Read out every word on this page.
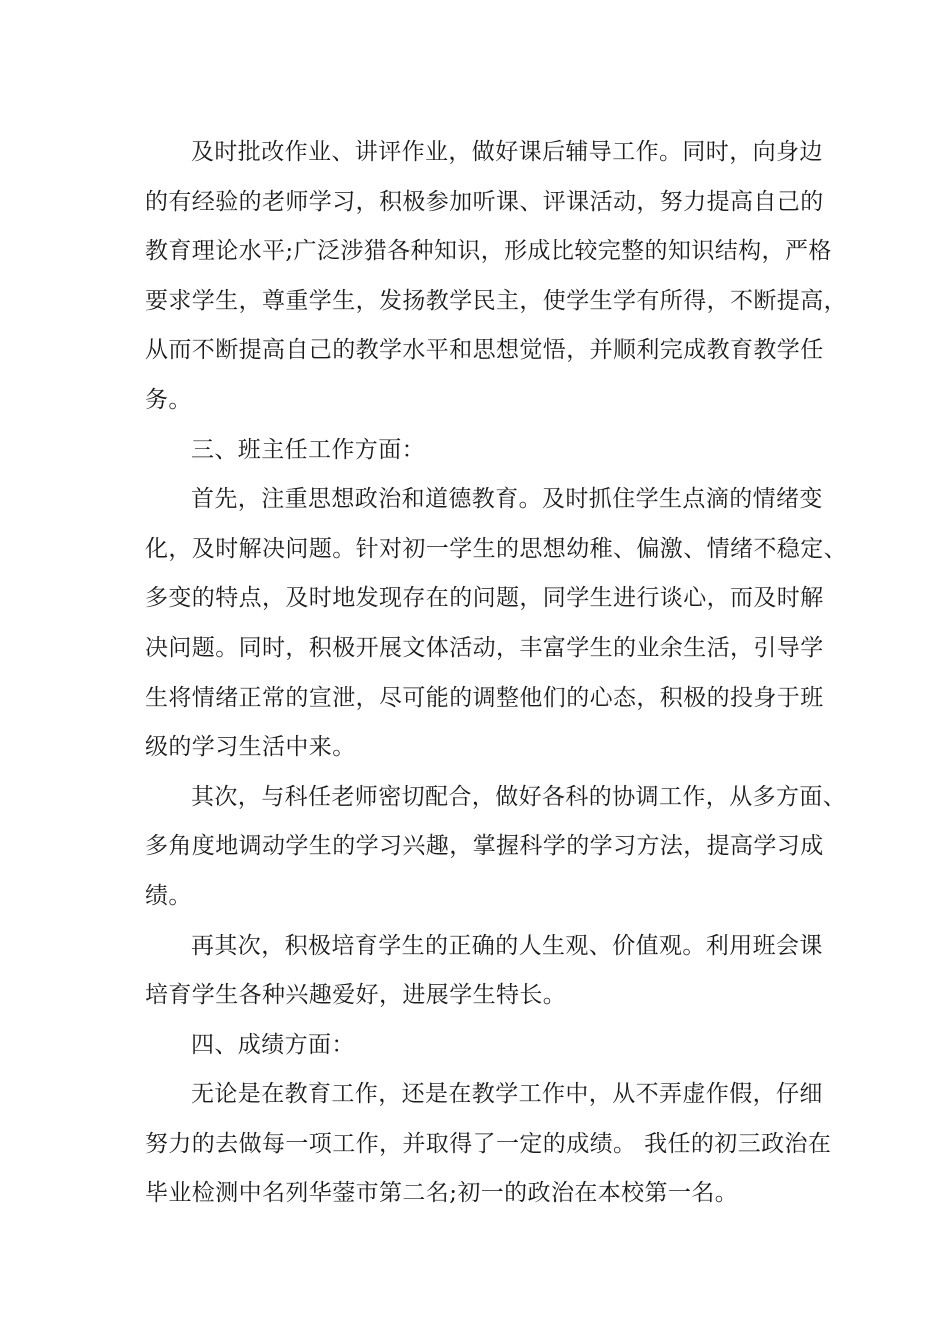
及时批改作业、讲评作业，做好课后辅导工作。同时，向身边
的有经验的老师学习，积极参加听课、评课活动，努力提高自己的
教育理论水平;广泛涉猎各种知识，形成比较完整的知识结构，严格
要求学生，尊重学生，发扬教学民主，使学生学有所得，不断提高，
从而不断提高自己的教学水平和思想觉悟，并顺利完成教育教学任
务。
三、班主任工作方面：
首先，注重思想政治和道德教育。及时抓住学生点滴的情绪变
化，及时解决问题。针对初一学生的思想幼稚、偏激、情绪不稳定、
多变的特点，及时地发现存在的问题，同学生进行谈心，而及时解
决问题。同时，积极开展文体活动，丰富学生的业余生活，引导学
生将情绪正常的宣泄，尽可能的调整他们的心态，积极的投身于班
级的学习生活中来。
其次，与科任老师密切配合，做好各科的协调工作，从多方面、
多角度地调动学生的学习兴趣，掌握科学的学习方法，提高学习成
绩。
再其次，积极培育学生的正确的人生观、价值观。利用班会课
培育学生各种兴趣爱好，进展学生特长。
四、成绩方面：
无论是在教育工作，还是在教学工作中，从不弄虚作假，仔细
努力的去做每一项工作，并取得了一定的成绩。 我任的初三政治在
毕业检测中名列华蓥市第二名;初一的政治在本校第一名。
